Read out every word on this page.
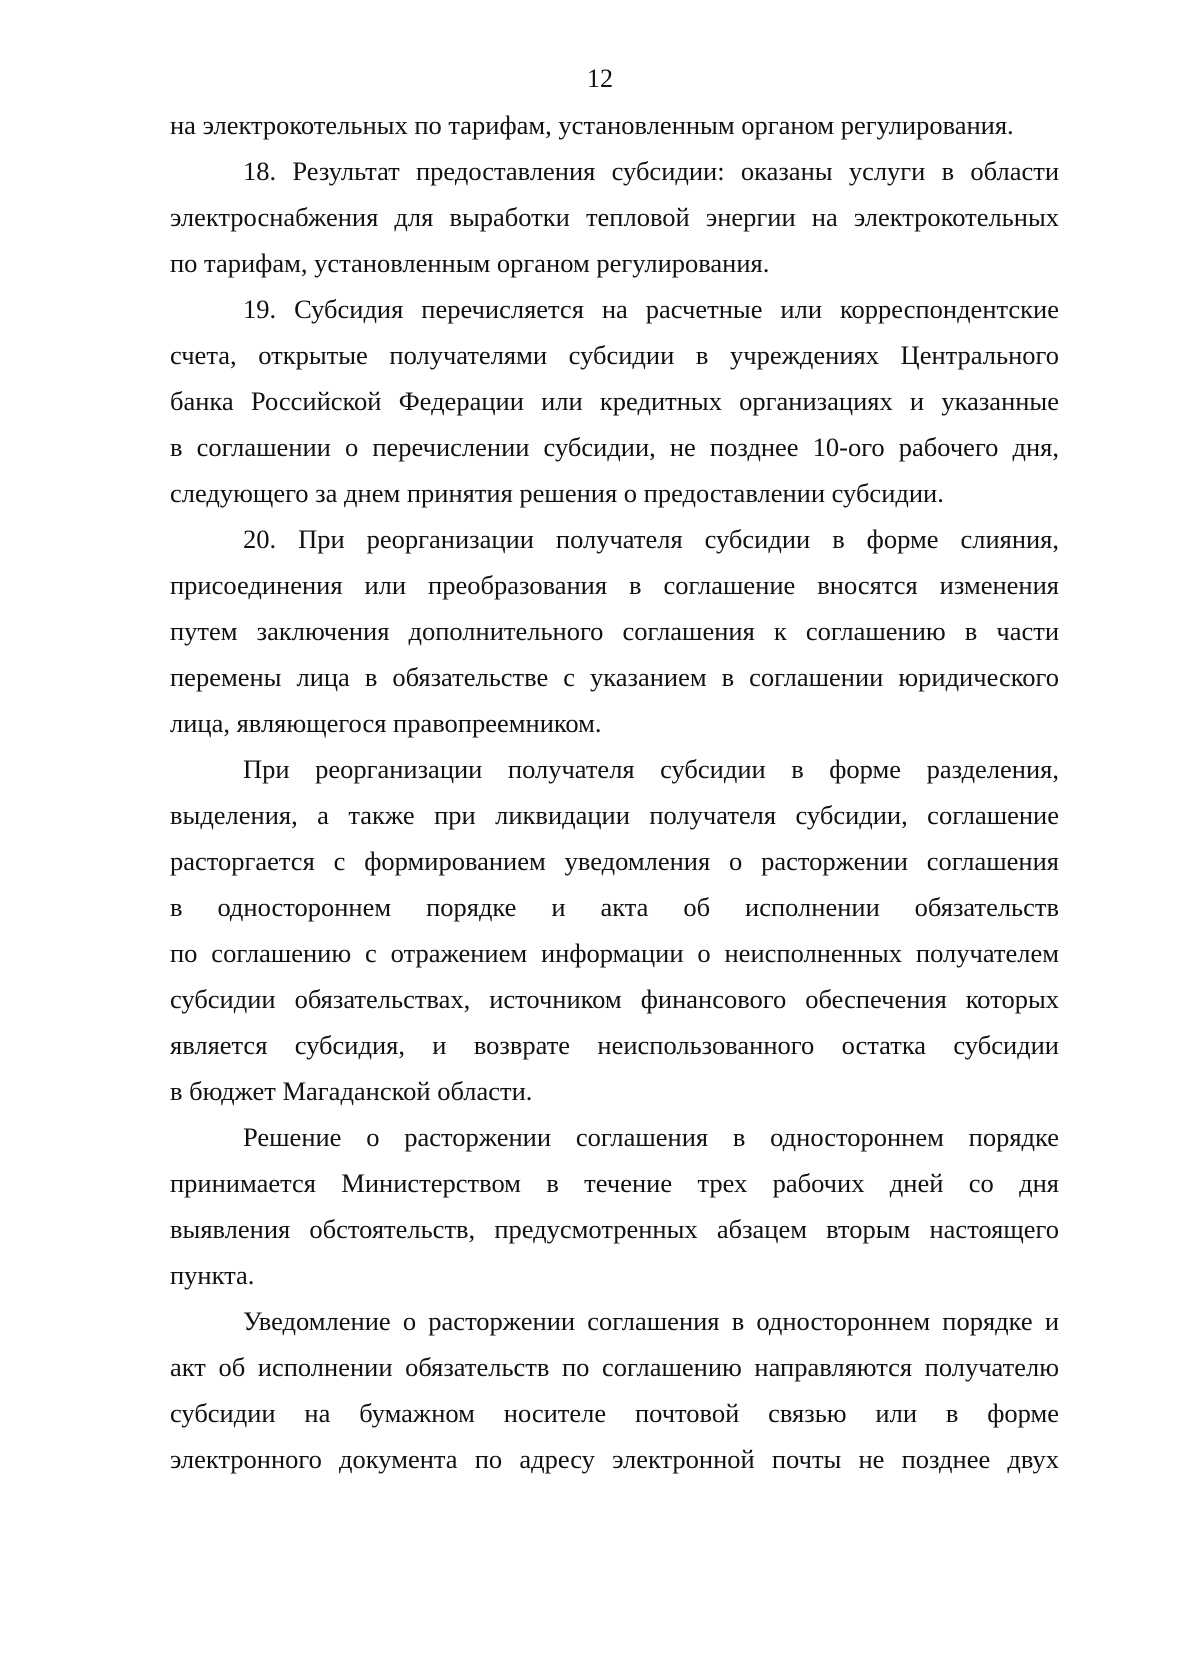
12
на электрокотельных по тарифам, установленным органом регулирования.
18. Результат предоставления субсидии: оказаны услуги в области
электроснабжения для выработки тепловой энергии на электрокотельных
по тарифам, установленным органом регулирования.
19. Субсидия перечисляется на расчетные или корреспондентские
счета, открытые получателями субсидии в учреждениях Центрального
банка Российской Федерации или кредитных организациях и указанные
в соглашении о перечислении субсидии, не позднее 10-ого рабочего дня,
следующего за днем принятия решения о предоставлении субсидии.
20. При реорганизации получателя субсидии в форме слияния,
присоединения или преобразования в соглашение вносятся изменения
путем заключения дополнительного соглашения к соглашению в части
перемены лица в обязательстве с указанием в соглашении юридического
лица, являющегося правопреемником.
При реорганизации получателя субсидии в форме разделения,
выделения, а также при ликвидации получателя субсидии, соглашение
расторгается с формированием уведомления о расторжении соглашения
в одностороннем порядке и акта об исполнении обязательств
по соглашению с отражением информации о неисполненных получателем
субсидии обязательствах, источником финансового обеспечения которых
является субсидия, и возврате неиспользованного остатка субсидии
в бюджет Магаданской области.
Решение о расторжении соглашения в одностороннем порядке
принимается Министерством в течение трех рабочих дней со дня
выявления обстоятельств, предусмотренных абзацем вторым настоящего
пункта.
Уведомление о расторжении соглашения в одностороннем порядке и
акт об исполнении обязательств по соглашению направляются получателю
субсидии на бумажном носителе почтовой связью или в форме
электронного документа по адресу электронной почты не позднее двух
